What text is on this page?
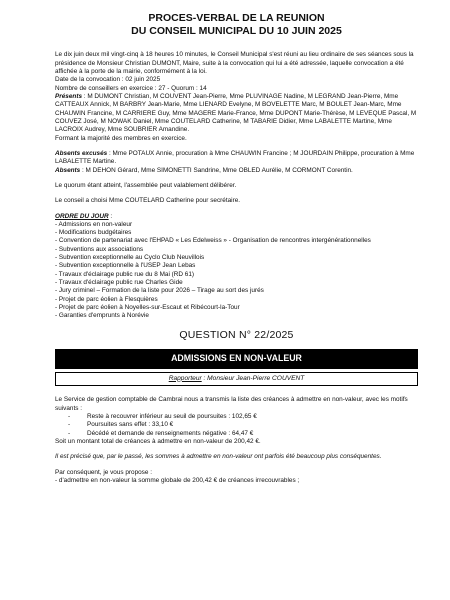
PROCES-VERBAL DE LA REUNION
DU CONSEIL MUNICIPAL DU 10 JUIN 2025

Le dix juin deux mil vingt-cinq à 18 heures 10 minutes, le Conseil Municipal s'est réuni au lieu ordinaire de ses séances sous la présidence de Monsieur Christian DUMONT, Maire, suite à la convocation qui lui a été adressée, laquelle convocation a été affichée à la porte de la mairie, conformément à la loi.

Date de la convocation : 02 juin 2025

Nombre de conseillers en exercice : 27 - Quorum : 14

Présents : M DUMONT Christian, M COUVENT Jean-Pierre, Mme PLUVINAGE Nadine, M LEGRAND Jean-Pierre, Mme CATTEAUX Annick, M BARBRY Jean-Marie, Mme LIENARD Evelyne, M BOVELETTE Marc, M BOULET Jean-Marc, Mme CHAUWIN Francine, M CARRIERE Guy, Mme MAGERE Marie-France, Mme DUPONT Marie-Thérèse, M LEVEQUE Pascal, M COUVEZ José, M NOWAK Daniel, Mme COUTELARD Catherine, M TABARIE Didier, Mme LABALETTE Martine, Mme LACROIX Audrey, Mme SOUBRIER Amandine.

Formant la majorité des membres en exercice.

Absents excusés : Mme POTAUX Annie, procuration à Mme CHAUWIN Francine ; M JOURDAIN Philippe, procuration à Mme LABALETTE Martine.

Absents : M DEHON Gérard, Mme SIMONETTI Sandrine, Mme OBLED Aurélie, M CORMONT Corentin.

Le quorum étant atteint, l'assemblée peut valablement délibérer.

Le conseil a choisi Mme COUTELARD Catherine pour secrétaire.

ORDRE DU JOUR :

- Admissions en non-valeur
- Modifications budgétaires
- Convention de partenariat avec l'EHPAD « Les Edelweiss » - Organisation de rencontres intergénérationnelles
- Subventions aux associations
- Subvention exceptionnelle au Cyclo Club Neuvillois
- Subvention exceptionnelle à l'USEP Jean Lebas
- Travaux d'éclairage public rue du 8 Mai (RD 61)
- Travaux d'éclairage public rue Charles Gide
- Jury criminel – Formation de la liste pour 2026 – Tirage au sort des jurés
- Projet de parc éolien à Flesquières
- Projet de parc éolien à Noyelles-sur-Escaut et Ribécourt-la-Tour
- Garanties d'emprunts à Norévie
QUESTION N° 22/2025
ADMISSIONS EN NON-VALEUR
Rapporteur : Monsieur Jean-Pierre COUVENT

Le Service de gestion comptable de Cambrai nous a transmis la liste des créances à admettre en non-valeur, avec les motifs suivants :

-	Reste à recouvrer inférieur au seuil de poursuites : 102,65 €
-	Poursuites sans effet : 33,10 €
-	Décédé et demande de renseignements négative : 64,47 €

Soit un montant total de créances à admettre en non-valeur de 200,42 €.

Il est précisé que, par le passé, les sommes à admettre en non-valeur ont parfois été beaucoup plus conséquentes.

Par conséquent, je vous propose :

- d'admettre en non-valeur la somme globale de 200,42 € de créances irrecouvrables ;
